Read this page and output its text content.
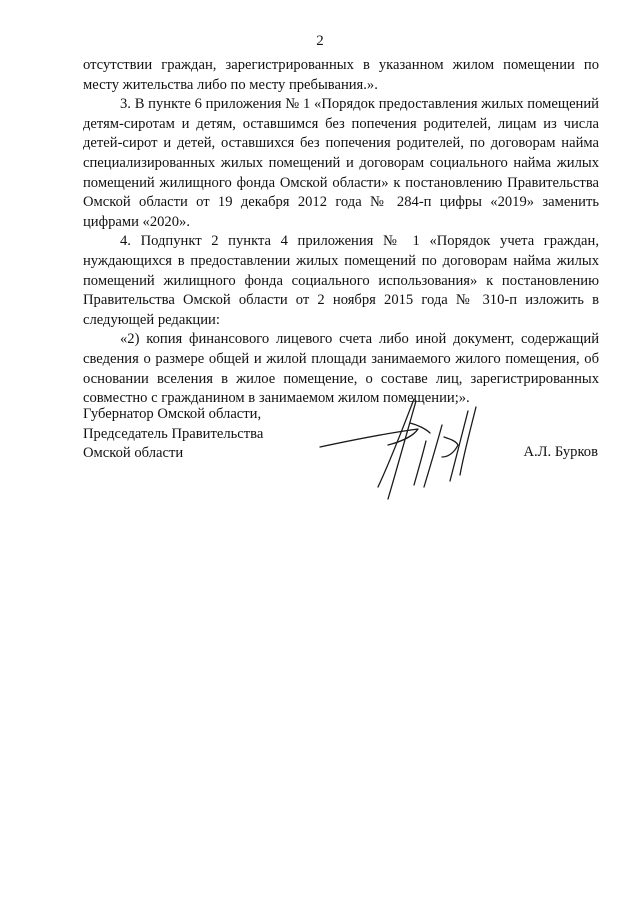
2

отсутствии граждан, зарегистрированных в указанном жилом помещении по месту жительства либо по месту пребывания.».

3. В пункте 6 приложения № 1 «Порядок предоставления жилых помещений детям-сиротам и детям, оставшимся без попечения родителей, лицам из числа детей-сирот и детей, оставшихся без попечения родителей, по договорам найма специализированных жилых помещений и договорам социального найма жилых помещений жилищного фонда Омской области» к постановлению Правительства Омской области от 19 декабря 2012 года № 284-п цифры «2019» заменить цифрами «2020».

4. Подпункт 2 пункта 4 приложения № 1 «Порядок учета граждан, нуждающихся в предоставлении жилых помещений по договорам найма жилых помещений жилищного фонда социального использования» к постановлению Правительства Омской области от 2 ноября 2015 года № 310-п изложить в следующей редакции:

«2) копия финансового лицевого счета либо иной документ, содержащий сведения о размере общей и жилой площади занимаемого жилого помещения, об основании вселения в жилое помещение, о составе лиц, зарегистрированных совместно с гражданином в занимаемом жилом помещении;».

Губернатор Омской области,
Председатель Правительства
Омской области	А.Л. Бурков
